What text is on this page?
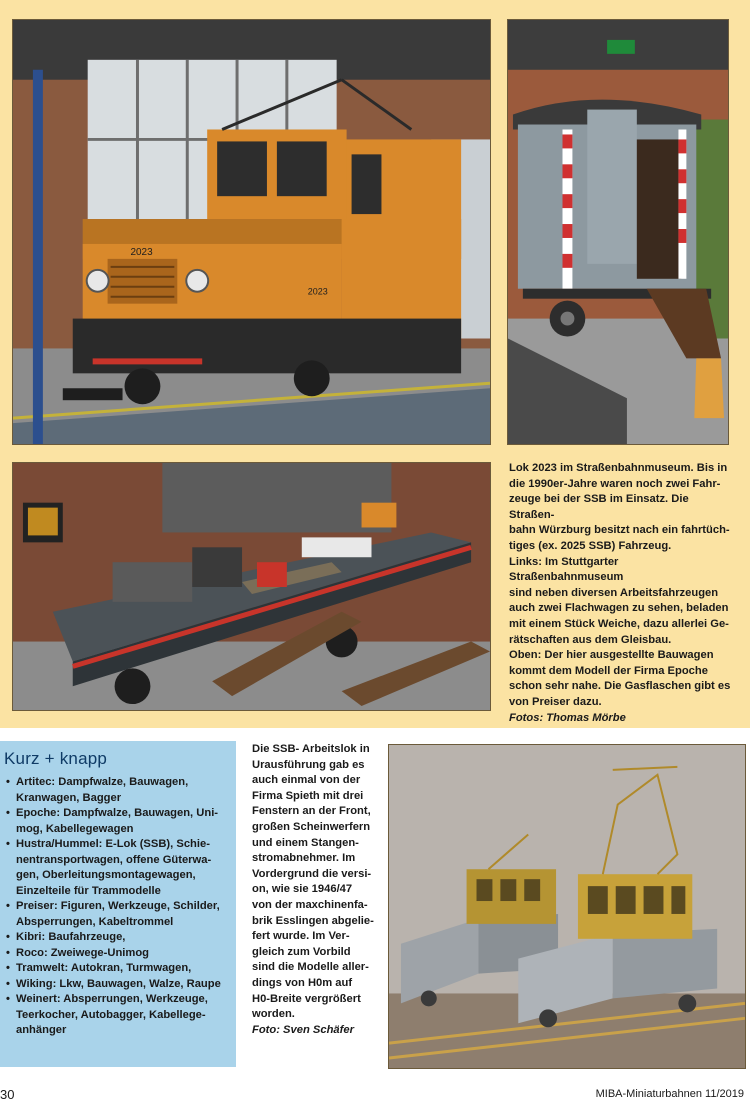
2023
2023

Lok 2023 im Straßenbahnmuseum. Bis in

die 1990er-Jahre waren noch zwei Fahr-

zeuge bei der SSB im Einsatz. Die Straßen-

bahn Würzburg besitzt nach ein fahrtüch-

tiges (ex. 2025 SSB) Fahrzeug.

Links: Im Stuttgarter Straßenbahnmuseum

sind neben diversen Arbeitsfahrzeugen

auch zwei Flachwagen zu sehen, beladen

mit einem Stück Weiche, dazu allerlei Ge-

rätschaften aus dem Gleisbau.

Oben: Der hier ausgestellte Bauwagen

kommt dem Modell der Firma Epoche

schon sehr nahe. Die Gasflaschen gibt es

von Preiser dazu.

Fotos: Thomas Mörbe

Kurz + knapp
• Artitec: Dampfwalze, Bauwagen,
Kranwagen, Bagger
• Epoche: Dampfwalze, Bauwagen, Uni-
mog, Kabellegewagen
• Hustra/Hummel: E-Lok (SSB), Schie-
nentransportwagen, offene Güterwa-
gen, Oberleitungsmontagewagen,
Einzelteile für Trammodelle
• Preiser: Figuren, Werkzeuge, Schilder,
Absperrungen, Kabeltrommel
• Kibri: Baufahrzeuge,
• Roco: Zweiwege-Unimog
• Tramwelt: Autokran, Turmwagen,
• Wiking: Lkw, Bauwagen, Walze, Raupe
• Weinert: Absperrungen, Werkzeuge,
Teerkocher, Autobagger, Kabellege-
anhänger

Die SSB- Arbeitslok in

Urausführung gab es

auch einmal von der

Firma Spieth mit drei

Fenstern an der Front,

großen Scheinwerfern

und einem Stangen-

stromabnehmer. Im

Vordergrund die versi-

on, wie sie 1946/47

von der maxchinenfa-

brik Esslingen abgelie-

fert wurde. Im Ver-

gleich zum Vorbild

sind die Modelle aller-

dings von H0m auf

H0-Breite vergrößert

worden.

Foto: Sven Schäfer

30	MIBA-Miniaturbahnen 11/2019
